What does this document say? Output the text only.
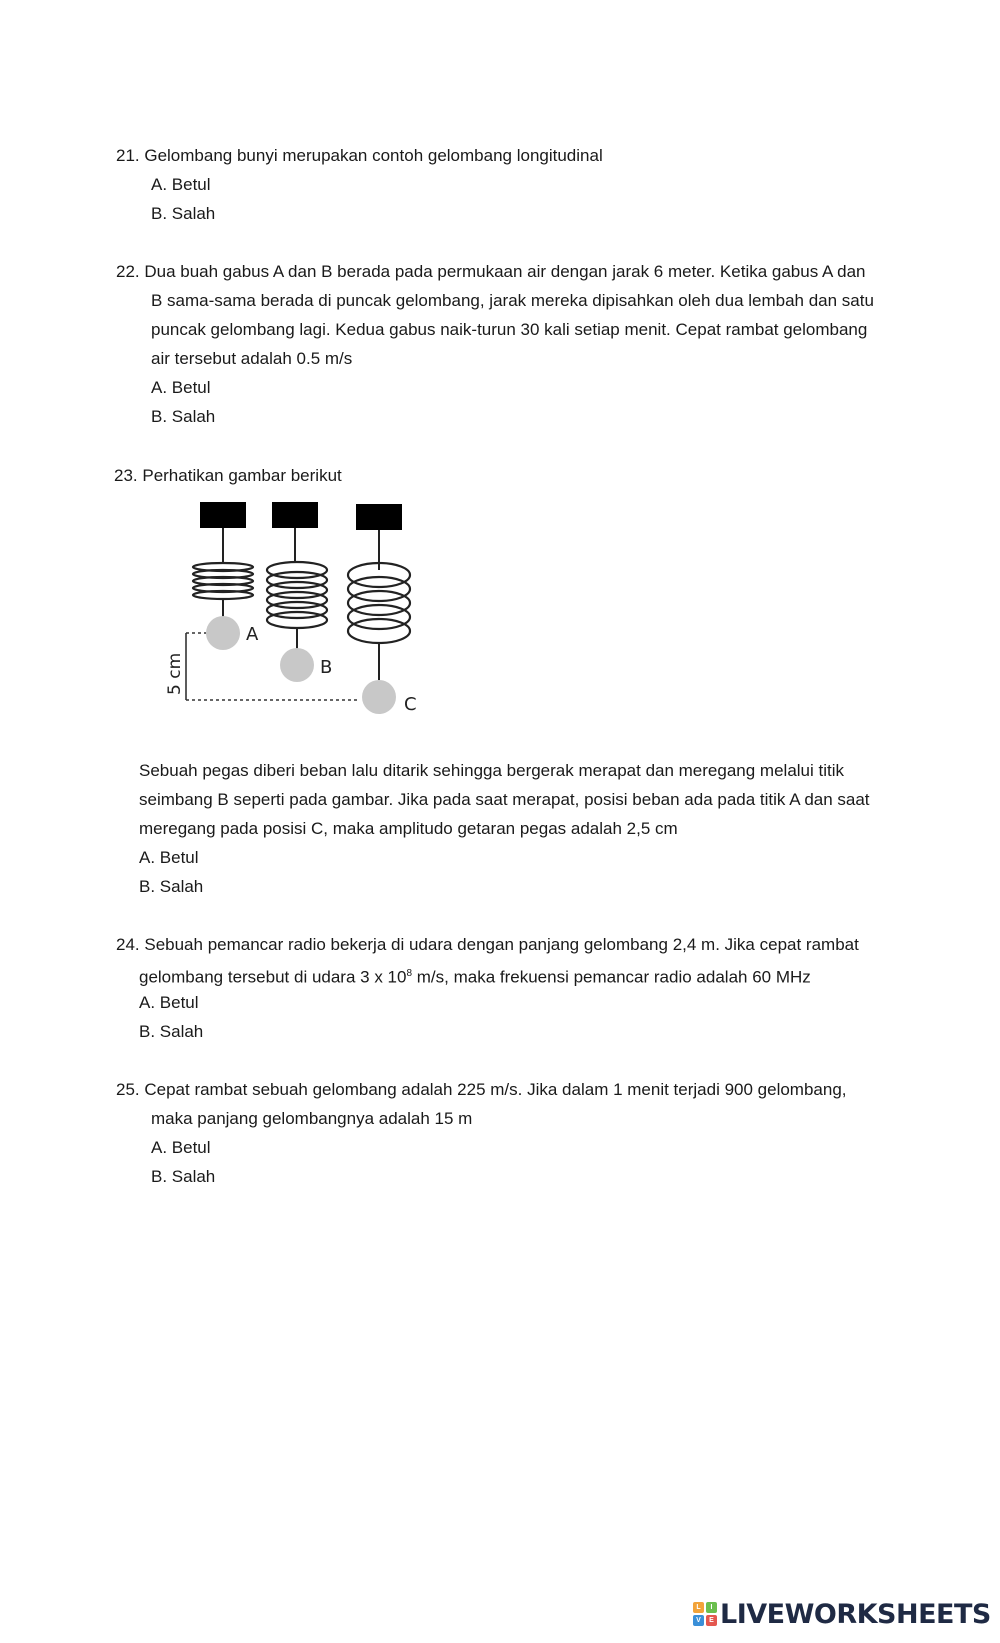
21. Gelombang bunyi merupakan contoh gelombang longitudinal
A. Betul
B. Salah
22. Dua buah gabus A dan B berada pada permukaan air dengan jarak 6 meter. Ketika gabus A dan
B sama-sama berada di puncak gelombang, jarak mereka dipisahkan oleh dua lembah dan satu
puncak gelombang lagi. Kedua gabus naik-turun 30 kali setiap menit. Cepat rambat gelombang
air tersebut adalah 0.5 m/s
A. Betul
B. Salah
23. Perhatikan gambar berikut
A
B
C
5 cm
Sebuah pegas diberi beban lalu ditarik sehingga bergerak merapat dan meregang melalui titik
seimbang B seperti pada gambar. Jika pada saat merapat, posisi beban ada pada titik A dan saat
meregang pada posisi C, maka amplitudo getaran pegas adalah 2,5 cm
A. Betul
B. Salah
24. Sebuah pemancar radio bekerja di udara dengan panjang gelombang 2,4 m. Jika cepat rambat
gelombang tersebut di udara 3 x $10^8$ m/s, maka frekuensi pemancar radio adalah 60 MHz
A. Betul
B. Salah
25. Cepat rambat sebuah gelombang adalah 225 m/s. Jika dalam 1 menit terjadi 900 gelombang,
maka panjang gelombangnya adalah 15 m
A. Betul
B. Salah
L	I
V	E LIVEWORKSHEETS
